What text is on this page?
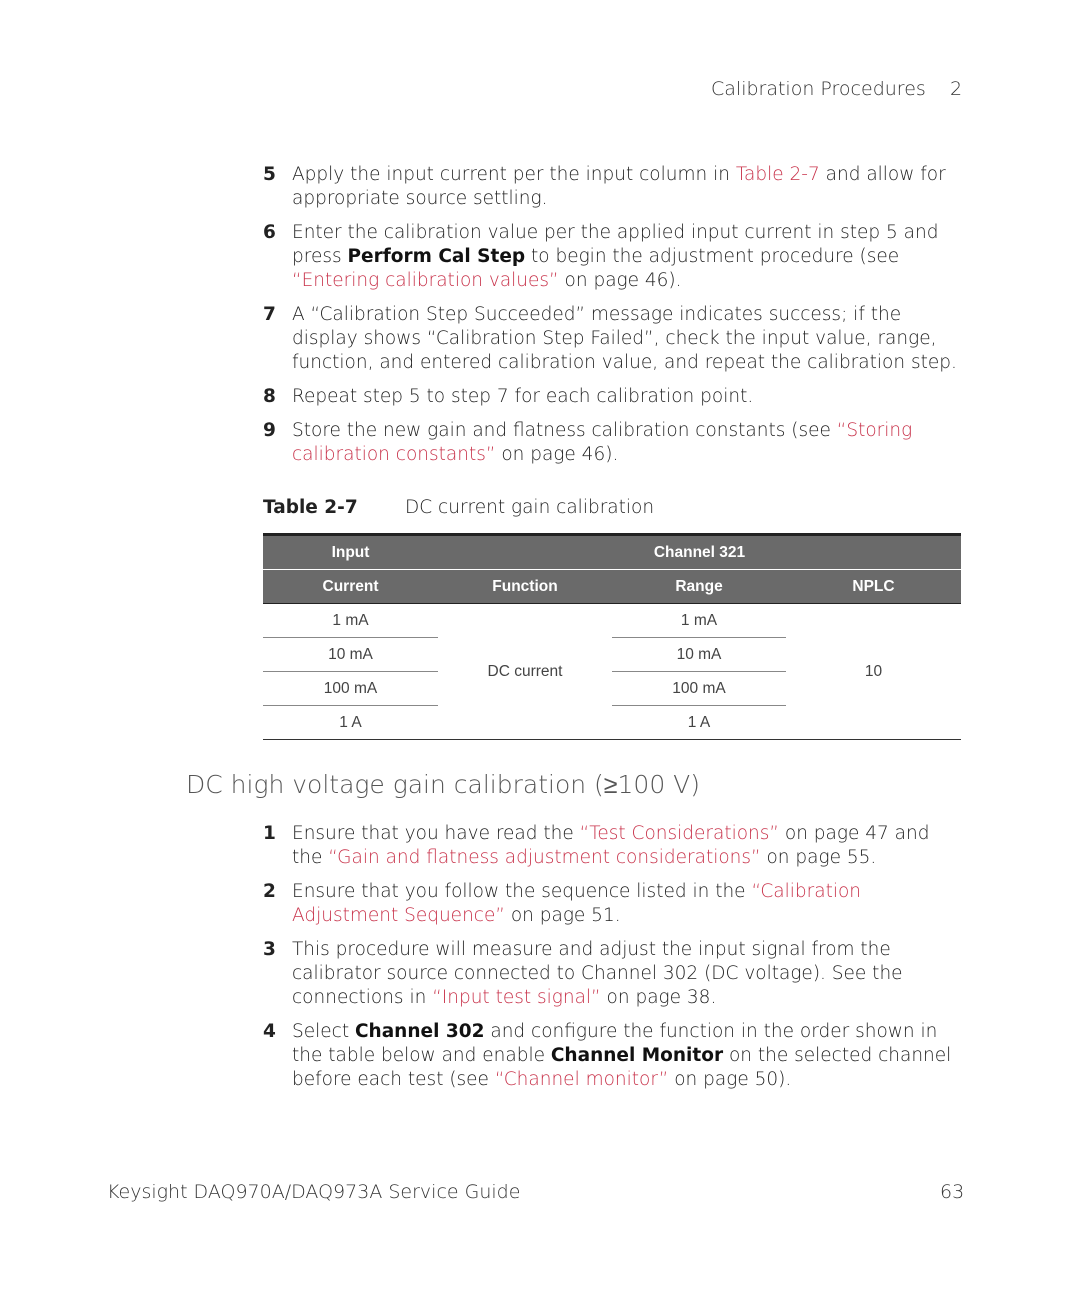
Calibration Procedures 2
5 Apply the input current per the input column in Table 2-7 and allow for appropriate source settling.
6 Enter the calibration value per the applied input current in step 5 and press Perform Cal Step to begin the adjustment procedure (see “Entering calibration values” on page 46).
7 A “Calibration Step Succeeded” message indicates success; if the display shows “Calibration Step Failed”, check the input value, range, function, and entered calibration value, and repeat the calibration step.
8 Repeat step 5 to step 7 for each calibration point.
9 Store the new gain and flatness calibration constants (see “Storing calibration constants” on page 46).
Table 2-7	DC current gain calibration
Input	Channel 321		
Current	Function	Range	NPLC
1 mA	DC current	1 mA	10
10 mA		10 mA	
100 mA		100 mA	
1 A		1 A	
DC high voltage gain calibration (≥100 V)
1 Ensure that you have read the “Test Considerations” on page 47 and the “Gain and flatness adjustment considerations” on page 55.
2 Ensure that you follow the sequence listed in the “Calibration Adjustment Sequence” on page 51.
3 This procedure will measure and adjust the input signal from the calibrator source connected to Channel 302 (DC voltage). See the connections in “Input test signal” on page 38.
4 Select Channel 302 and configure the function in the order shown in the table below and enable Channel Monitor on the selected channel before each test (see “Channel monitor” on page 50).
Keysight DAQ970A/DAQ973A Service Guide	63
